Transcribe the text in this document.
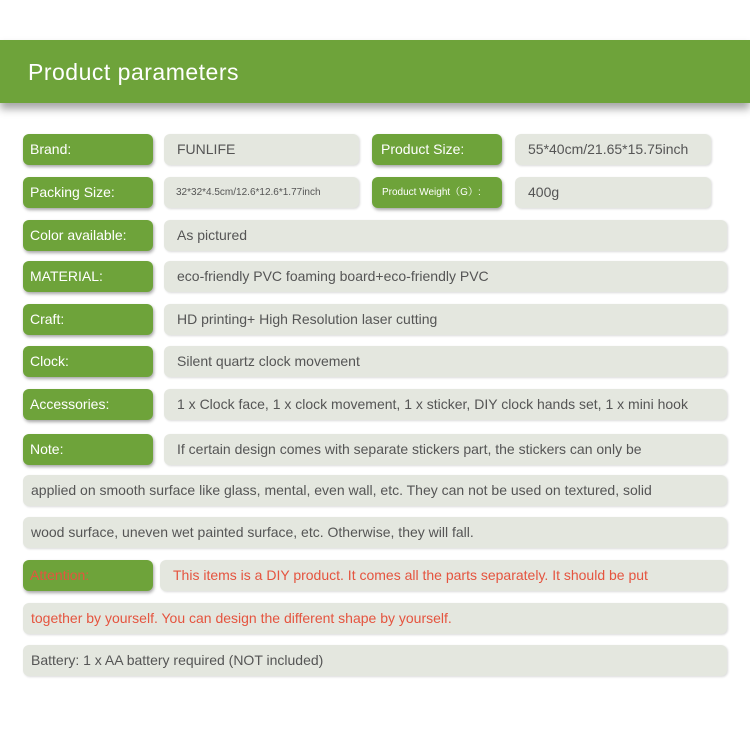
Product parameters
Brand:	FUNLIFE	Product Size:	55*40cm/21.65*15.75inch
Packing Size:	32*32*4.5cm/12.6*12.6*1.77inch	Product Weight（G）:	400g
Color available:	As pictured
MATERIAL:	eco-friendly PVC foaming board+eco-friendly PVC
Craft:	HD printing+ High Resolution laser cutting
Clock:	Silent quartz clock movement
Accessories:	1 x Clock face, 1 x clock movement, 1 x sticker, DIY clock hands set, 1 x mini hook
Note:	If certain design comes with separate stickers part, the stickers can only be
applied on smooth surface like glass, mental, even wall, etc. They can not be used on textured, solid
wood surface, uneven wet painted surface, etc. Otherwise, they will fall.
Attention:	This items is a DIY product. It comes all the parts separately. It should be put
together by yourself. You can design the different shape by yourself.
Battery: 1 x AA battery required (NOT included)
